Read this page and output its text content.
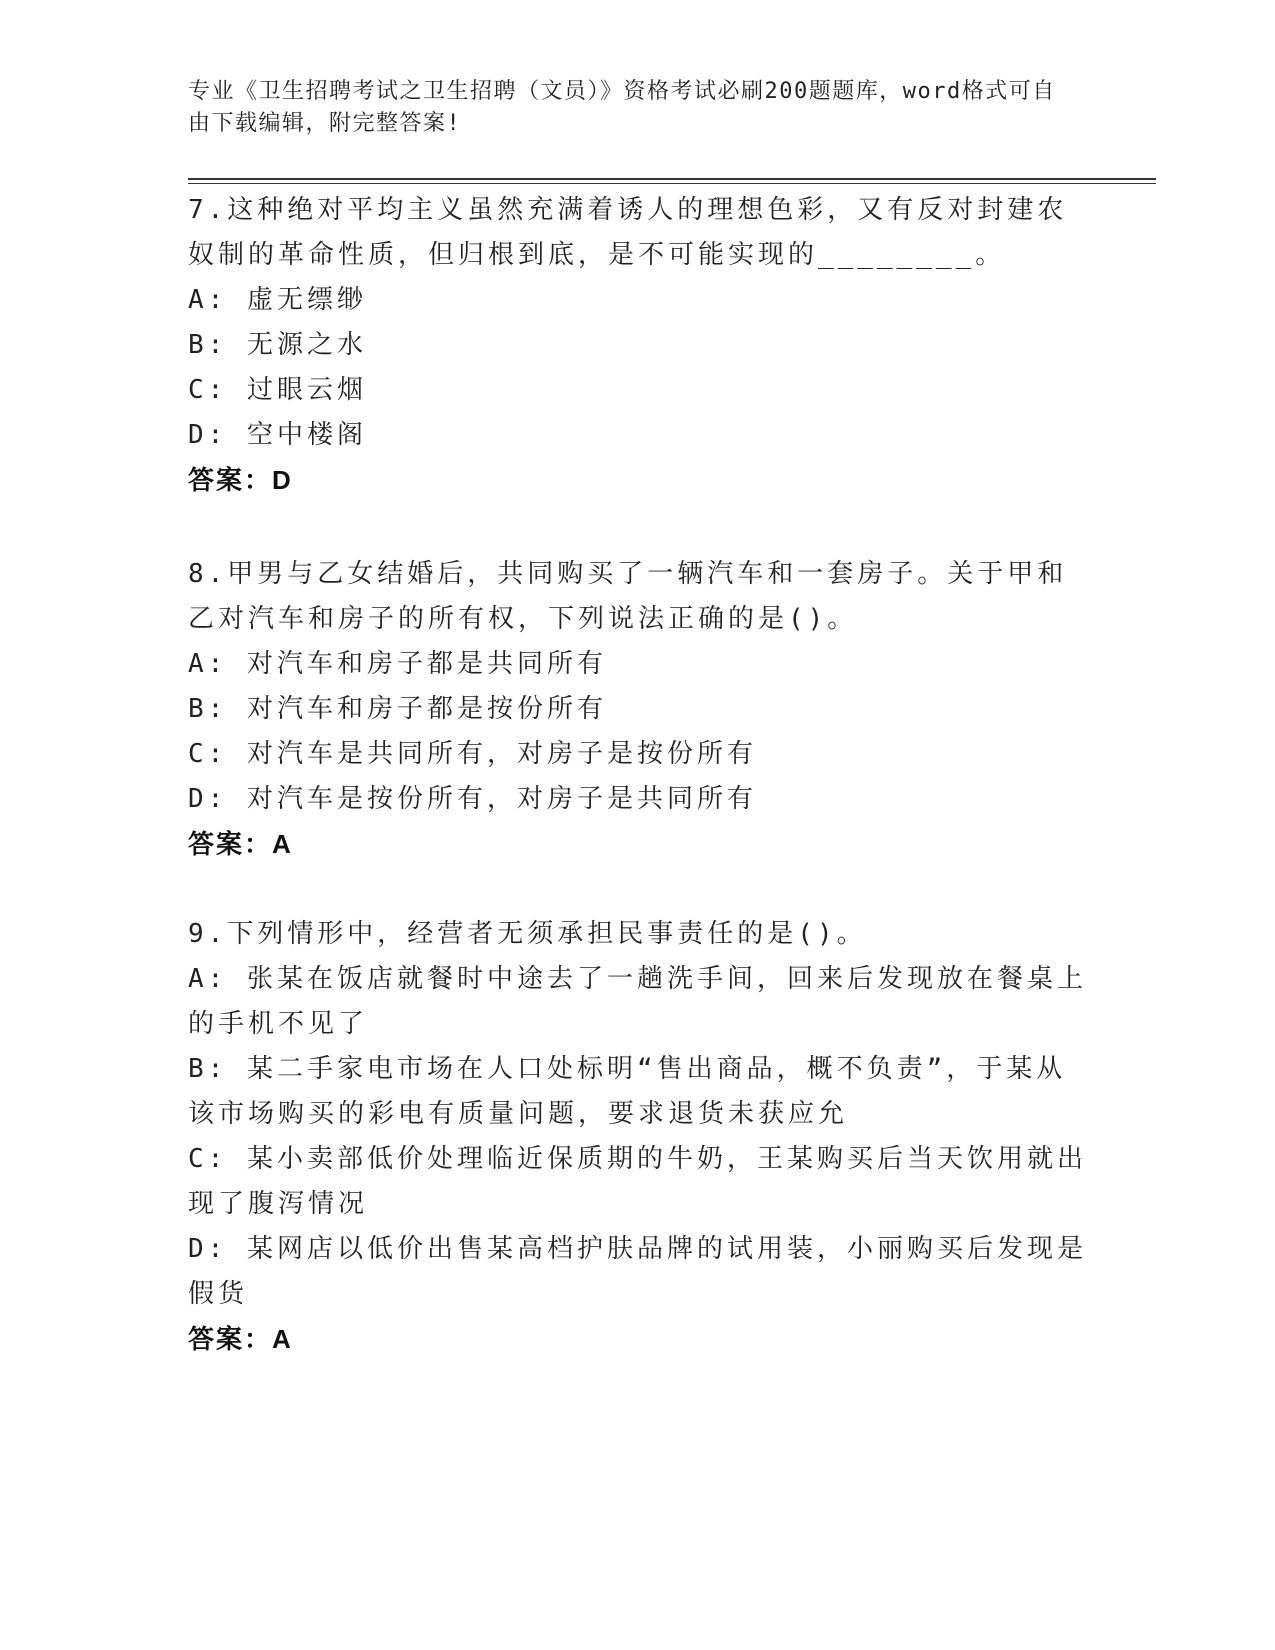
专业《卫生招聘考试之卫生招聘（文员）》资格考试必刷200题题库，word格式可自由下载编辑，附完整答案!

7.这种绝对平均主义虽然充满着诱人的理想色彩，又有反对封建农奴制的革命性质，但归根到底，是不可能实现的________。

A: 虚无缥缈

B: 无源之水

C: 过眼云烟

D: 空中楼阁

答案：D

8.甲男与乙女结婚后，共同购买了一辆汽车和一套房子。关于甲和乙对汽车和房子的所有权，下列说法正确的是()。

A: 对汽车和房子都是共同所有

B: 对汽车和房子都是按份所有

C: 对汽车是共同所有，对房子是按份所有

D: 对汽车是按份所有，对房子是共同所有

答案：A

9.下列情形中，经营者无须承担民事责任的是()。

A: 张某在饭店就餐时中途去了一趟洗手间，回来后发现放在餐桌上的手机不见了

B: 某二手家电市场在人口处标明“售出商品，概不负责”，于某从该市场购买的彩电有质量问题，要求退货未获应允

C: 某小卖部低价处理临近保质期的牛奶，王某购买后当天饮用就出现了腹泻情况

D: 某网店以低价出售某高档护肤品牌的试用装，小丽购买后发现是假货

答案：A
